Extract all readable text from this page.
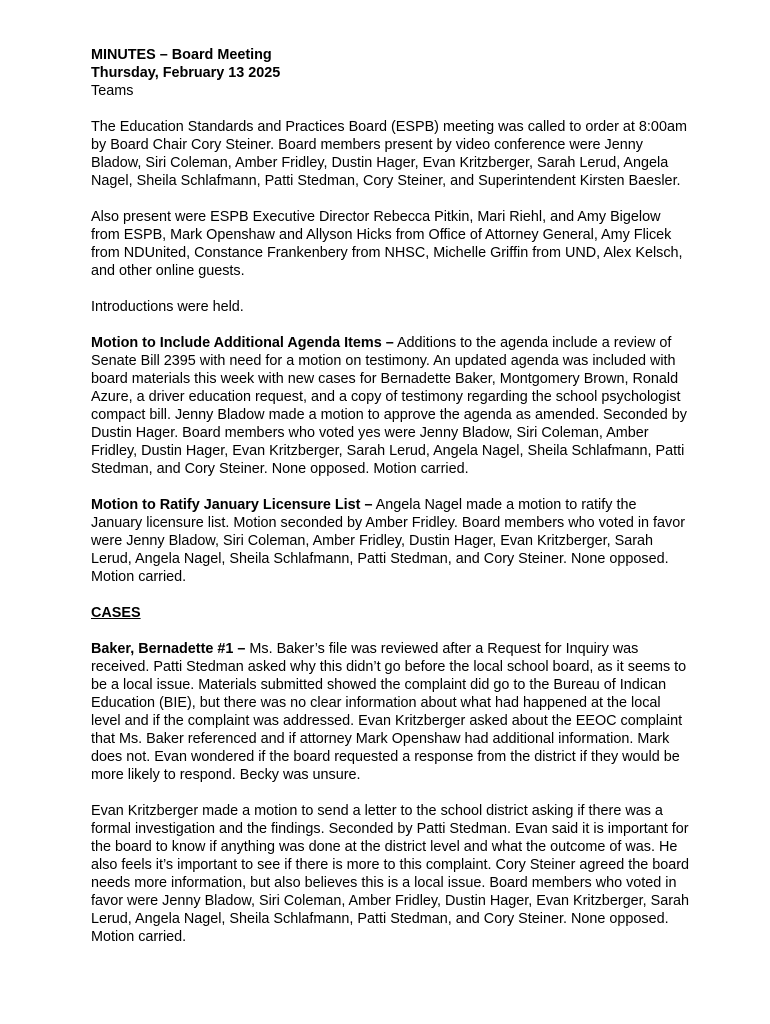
MINUTES – Board Meeting
Thursday, February 13 2025
Teams

The Education Standards and Practices Board (ESPB) meeting was called to order at 8:00am by Board Chair Cory Steiner. Board members present by video conference were Jenny Bladow, Siri Coleman, Amber Fridley, Dustin Hager, Evan Kritzberger, Sarah Lerud, Angela Nagel, Sheila Schlafmann, Patti Stedman, Cory Steiner, and Superintendent Kirsten Baesler.

Also present were ESPB Executive Director Rebecca Pitkin, Mari Riehl, and Amy Bigelow from ESPB, Mark Openshaw and Allyson Hicks from Office of Attorney General, Amy Flicek from NDUnited, Constance Frankenbery from NHSC, Michelle Griffin from UND, Alex Kelsch, and other online guests.

Introductions were held.

Motion to Include Additional Agenda Items – Additions to the agenda include a review of Senate Bill 2395 with need for a motion on testimony. An updated agenda was included with board materials this week with new cases for Bernadette Baker, Montgomery Brown, Ronald Azure, a driver education request, and a copy of testimony regarding the school psychologist compact bill. Jenny Bladow made a motion to approve the agenda as amended. Seconded by Dustin Hager. Board members who voted yes were Jenny Bladow, Siri Coleman, Amber Fridley, Dustin Hager, Evan Kritzberger, Sarah Lerud, Angela Nagel, Sheila Schlafmann, Patti Stedman, and Cory Steiner. None opposed. Motion carried.

Motion to Ratify January Licensure List – Angela Nagel made a motion to ratify the January licensure list. Motion seconded by Amber Fridley. Board members who voted in favor were Jenny Bladow, Siri Coleman, Amber Fridley, Dustin Hager, Evan Kritzberger, Sarah Lerud, Angela Nagel, Sheila Schlafmann, Patti Stedman, and Cory Steiner. None opposed. Motion carried.

CASES

Baker, Bernadette #1 – Ms. Baker’s file was reviewed after a Request for Inquiry was received. Patti Stedman asked why this didn’t go before the local school board, as it seems to be a local issue. Materials submitted showed the complaint did go to the Bureau of Indican Education (BIE), but there was no clear information about what had happened at the local level and if the complaint was addressed. Evan Kritzberger asked about the EEOC complaint that Ms. Baker referenced and if attorney Mark Openshaw had additional information. Mark does not. Evan wondered if the board requested a response from the district if they would be more likely to respond. Becky was unsure.

Evan Kritzberger made a motion to send a letter to the school district asking if there was a formal investigation and the findings. Seconded by Patti Stedman. Evan said it is important for the board to know if anything was done at the district level and what the outcome of was. He also feels it’s important to see if there is more to this complaint. Cory Steiner agreed the board needs more information, but also believes this is a local issue. Board members who voted in favor were Jenny Bladow, Siri Coleman, Amber Fridley, Dustin Hager, Evan Kritzberger, Sarah Lerud, Angela Nagel, Sheila Schlafmann, Patti Stedman, and Cory Steiner. None opposed. Motion carried.
